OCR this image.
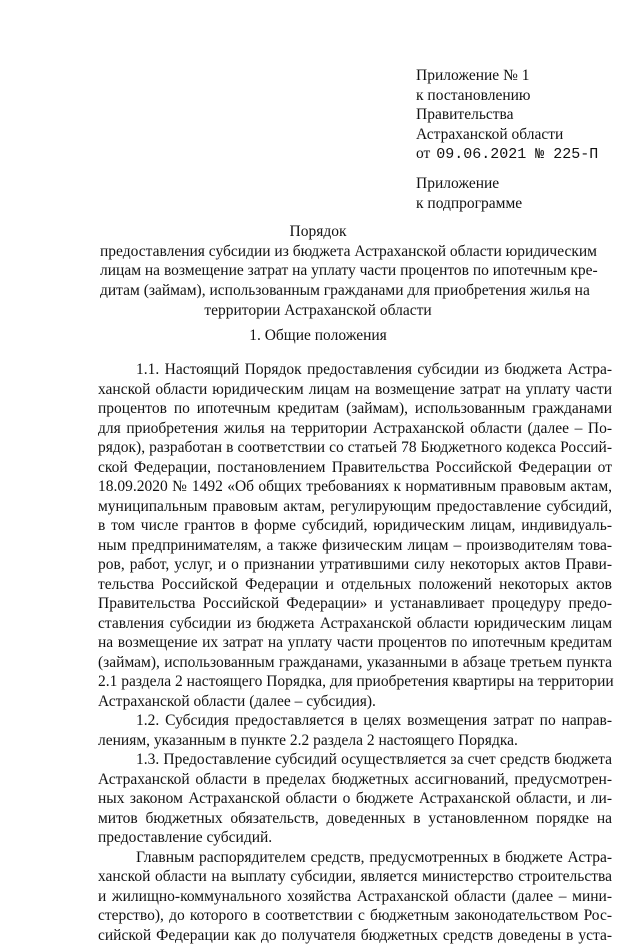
Приложение № 1
к постановлению
Правительства
Астраханской области
от 09.06.2021 № 225-П
Приложение
к подпрограмме
Порядок
предоставления субсидии из бюджета Астраханской области юридическим
лицам на возмещение затрат на уплату части процентов по ипотечным кре-
дитам (займам), использованным гражданами для приобретения жилья на
территории Астраханской области
1. Общие положения
1.1. Настоящий Порядок предоставления субсидии из бюджета Астра-
ханской области юридическим лицам на возмещение затрат на уплату части
процентов по ипотечным кредитам (займам), использованным гражданами
для приобретения жилья на территории Астраханской области (далее – По-
рядок), разработан в соответствии со статьей 78 Бюджетного кодекса Россий-
ской Федерации, постановлением Правительства Российской Федерации от
18.09.2020 № 1492 «Об общих требованиях к нормативным правовым актам,
муниципальным правовым актам, регулирующим предоставление субсидий,
в том числе грантов в форме субсидий, юридическим лицам, индивидуаль-
ным предпринимателям, а также физическим лицам – производителям това-
ров, работ, услуг, и о признании утратившими силу некоторых актов Прави-
тельства Российской Федерации и отдельных положений некоторых актов
Правительства Российской Федерации» и устанавливает процедуру предо-
ставления субсидии из бюджета Астраханской области юридическим лицам
на возмещение их затрат на уплату части процентов по ипотечным кредитам
(займам), использованным гражданами, указанными в абзаце третьем пункта
2.1 раздела 2 настоящего Порядка, для приобретения квартиры на территории
Астраханской области (далее – субсидия).
1.2. Субсидия предоставляется в целях возмещения затрат по направ-
лениям, указанным в пункте 2.2 раздела 2 настоящего Порядка.
1.3. Предоставление субсидий осуществляется за счет средств бюджета
Астраханской области в пределах бюджетных ассигнований, предусмотрен-
ных законом Астраханской области о бюджете Астраханской области, и ли-
митов бюджетных обязательств, доведенных в установленном порядке на
предоставление субсидий.
Главным распорядителем средств, предусмотренных в бюджете Астра-
ханской области на выплату субсидии, является министерство строительства
и жилищно-коммунального хозяйства Астраханской области (далее – мини-
стерство), до которого в соответствии с бюджетным законодательством Рос-
сийской Федерации как до получателя бюджетных средств доведены в уста-
